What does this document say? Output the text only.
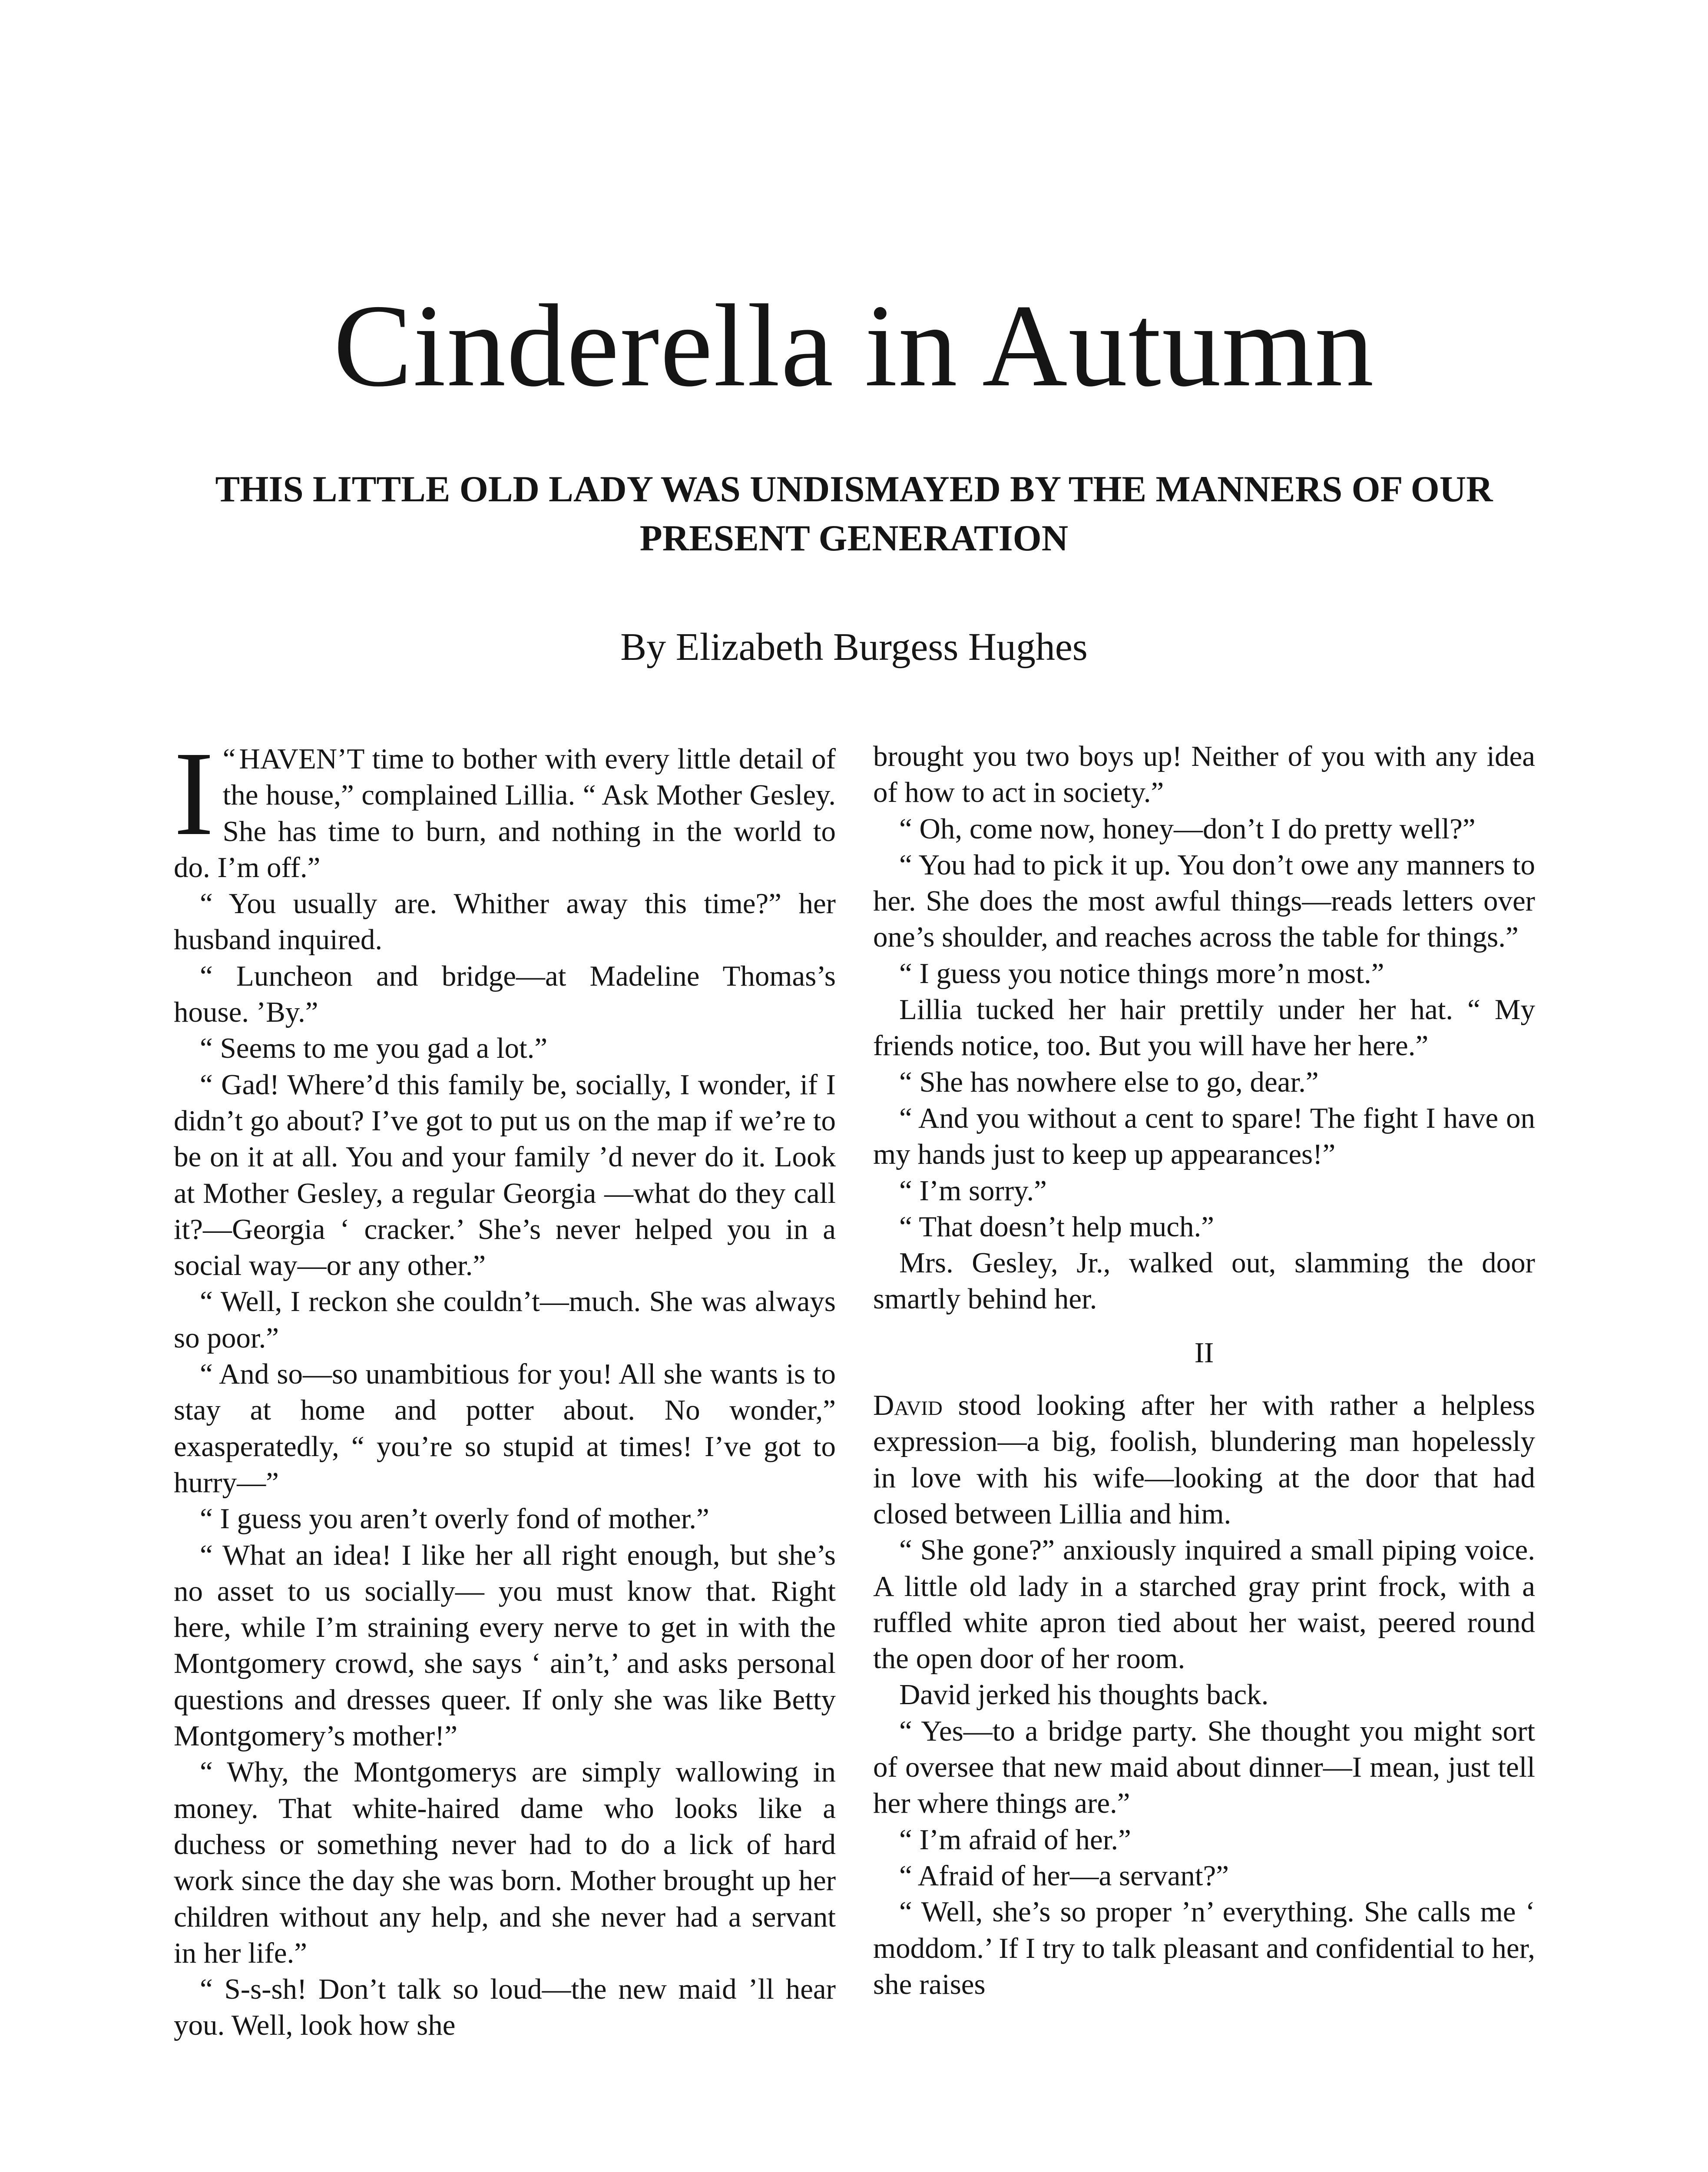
Cinderella in Autumn
THIS LITTLE OLD LADY WAS UNDISMAYED BY THE MANNERS OF OUR PRESENT GENERATION
By Elizabeth Burgess Hughes

“
I HAVEN’T time to bother with every little detail of the house,” complained Lillia. “ Ask Mother Gesley. She has time to burn, and nothing in the world to do. I’m off.”

“ You usually are. Whither away this time?” her husband inquired.

“ Luncheon and bridge—at Madeline Thomas’s house. ’By.”

“ Seems to me you gad a lot.”

“ Gad! Where’d this family be, socially, I wonder, if I didn’t go about? I’ve got to put us on the map if we’re to be on it at all. You and your family ’d never do it. Look at Mother Gesley, a regular Georgia —what do they call it?—Georgia ‘ cracker.’ She’s never helped you in a social way—or any other.”

“ Well, I reckon she couldn’t—much. She was always so poor.”

“ And so—so unambitious for you! All she wants is to stay at home and potter about. No wonder,” exasperatedly, “ you’re so stupid at times! I’ve got to hurry—”

“ I guess you aren’t overly fond of mother.”

“ What an idea! I like her all right enough, but she’s no asset to us socially— you must know that. Right here, while I’m straining every nerve to get in with the Montgomery crowd, she says ‘ ain’t,’ and asks personal questions and dresses queer. If only she was like Betty Montgomery’s mother!”

“ Why, the Montgomerys are simply wallowing in money. That white-haired dame who looks like a duchess or something never had to do a lick of hard work since the day she was born. Mother brought up her children without any help, and she never had a servant in her life.”

“ S-s-sh! Don’t talk so loud—the new maid ’ll hear you. Well, look how she

brought you two boys up! Neither of you with any idea of how to act in society.”

“ Oh, come now, honey—don’t I do pretty well?”

“ You had to pick it up. You don’t owe any manners to her. She does the most awful things—reads letters over one’s shoulder, and reaches across the table for things.”

“ I guess you notice things more’n most.”

Lillia tucked her hair prettily under her hat. “ My friends notice, too. But you will have her here.”

“ She has nowhere else to go, dear.”

“ And you without a cent to spare! The fight I have on my hands just to keep up appearances!”

“ I’m sorry.”

“ That doesn’t help much.”

Mrs. Gesley, Jr., walked out, slamming the door smartly behind her.

II

David stood looking after her with rather a helpless expression—a big, foolish, blundering man hopelessly in love with his wife—looking at the door that had closed between Lillia and him.

“ She gone?” anxiously inquired a small piping voice. A little old lady in a starched gray print frock, with a ruffled white apron tied about her waist, peered round the open door of her room.

David jerked his thoughts back.

“ Yes—to a bridge party. She thought you might sort of oversee that new maid about dinner—I mean, just tell her where things are.”

“ I’m afraid of her.”

“ Afraid of her—a servant?”

“ Well, she’s so proper ’n’ everything. She calls me ‘ moddom.’ If I try to talk pleasant and confidential to her, she raises
